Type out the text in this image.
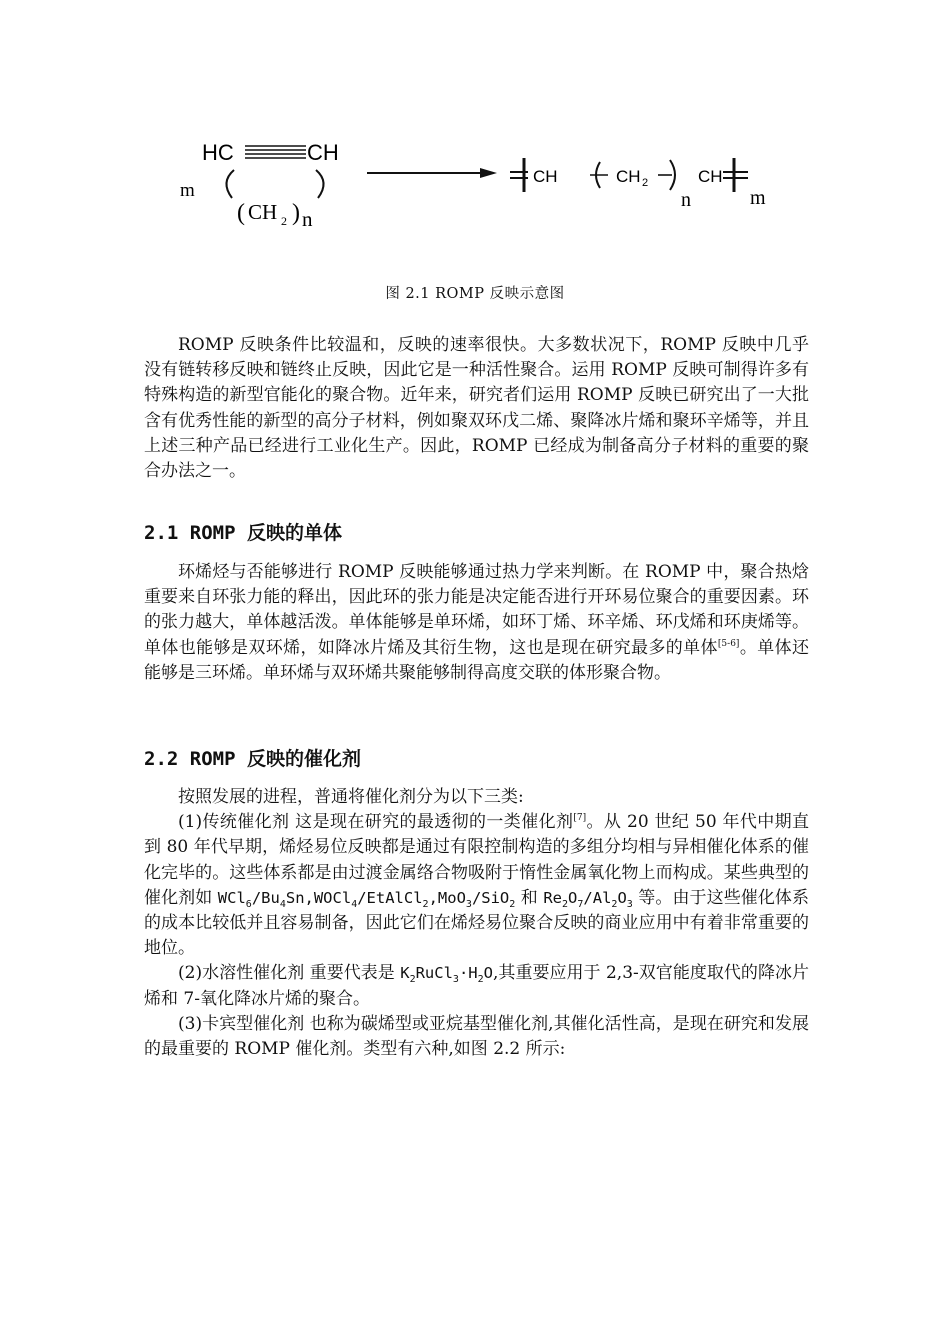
m
HC	CH
( CH 2 ) n
CH	CH 2
n
CH
m
图 2.1 ROMP 反映示意图

ROMP 反映条件比较温和，反映的速率很快。大多数状况下，ROMP 反映中几乎没有链转移反映和链终止反映，因此它是一种活性聚合。运用 ROMP 反映可制得许多有特殊构造的新型官能化的聚合物。近年来，研究者们运用 ROMP 反映已研究出了一大批含有优秀性能的新型的高分子材料，例如聚双环戊二烯、聚降冰片烯和聚环辛烯等，并且上述三种产品已经进行工业化生产。因此，ROMP 已经成为制备高分子材料的重要的聚合办法之一。

2.1 ROMP 反映的单体

环烯烃与否能够进行 ROMP 反映能够通过热力学来判断。在 ROMP 中，聚合热焓重要来自环张力能的释出，因此环的张力能是决定能否进行开环易位聚合的重要因素。环的张力越大，单体越活泼。单体能够是单环烯，如环丁烯、环辛烯、环戊烯和环庚烯等。单体也能够是双环烯，如降冰片烯及其衍生物，这也是现在研究最多的单体[5-6]。单体还能够是三环烯。单环烯与双环烯共聚能够制得高度交联的体形聚合物。

2.2 ROMP 反映的催化剂

按照发展的进程，普通将催化剂分为以下三类:

(1)传统催化剂 这是现在研究的最透彻的一类催化剂[7]。从 20 世纪 50 年代中期直到 80 年代早期，烯烃易位反映都是通过有限控制构造的多组分均相与异相催化体系的催化完毕的。这些体系都是由过渡金属络合物吸附于惰性金属氧化物上而构成。某些典型的催化剂如 $WCl_6/Bu_4Sn,WOCl_4/EtAlCl_2,MoO_3/SiO_2$ 和 $Re_2O_7/Al_2O_3$ 等。由于这些催化体系的成本比较低并且容易制备，因此它们在烯烃易位聚合反映的商业应用中有着非常重要的地位。

(2)水溶性催化剂 重要代表是 $K_2RuCl_3\cdot H_2O$,其重要应用于 2,3-双官能度取代的降冰片烯和 7-氧化降冰片烯的聚合。

(3)卡宾型催化剂 也称为碳烯型或亚烷基型催化剂,其催化活性高，是现在研究和发展的最重要的 ROMP 催化剂。类型有六种,如图 2.2 所示:
